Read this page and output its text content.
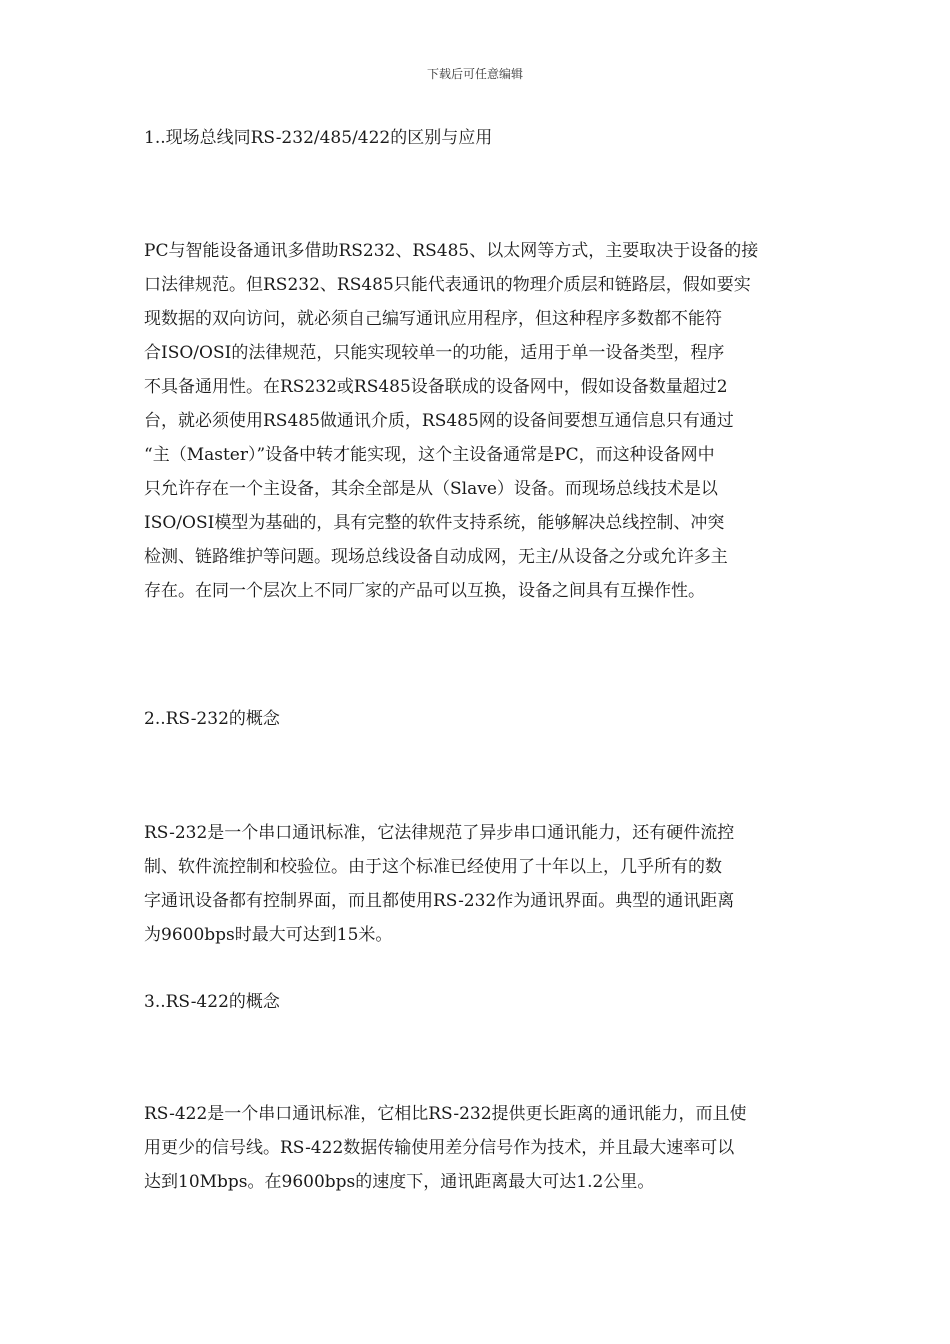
下载后可任意编辑
1..现场总线同RS-232/485/422的区别与应用
PC与智能设备通讯多借助RS232、RS485、以太网等方式，主要取决于设备的接
口法律规范。但RS232、RS485只能代表通讯的物理介质层和链路层，假如要实
现数据的双向访问，就必须自己编写通讯应用程序，但这种程序多数都不能符
合ISO/OSI的法律规范，只能实现较单一的功能，适用于单一设备类型，程序
不具备通用性。在RS232或RS485设备联成的设备网中，假如设备数量超过2
台，就必须使用RS485做通讯介质，RS485网的设备间要想互通信息只有通过
“主（Master）”设备中转才能实现，这个主设备通常是PC，而这种设备网中
只允许存在一个主设备，其余全部是从（Slave）设备。而现场总线技术是以
ISO/OSI模型为基础的，具有完整的软件支持系统，能够解决总线控制、冲突
检测、链路维护等问题。现场总线设备自动成网，无主/从设备之分或允许多主
存在。在同一个层次上不同厂家的产品可以互换，设备之间具有互操作性。
2..RS-232的概念
RS-232是一个串口通讯标准，它法律规范了异步串口通讯能力，还有硬件流控
制、软件流控制和校验位。由于这个标准已经使用了十年以上，几乎所有的数
字通讯设备都有控制界面，而且都使用RS-232作为通讯界面。典型的通讯距离
为9600bps时最大可达到15米。
3..RS-422的概念
RS-422是一个串口通讯标准，它相比RS-232提供更长距离的通讯能力，而且使
用更少的信号线。RS-422数据传输使用差分信号作为技术，并且最大速率可以
达到10Mbps。在9600bps的速度下，通讯距离最大可达1.2公里。
